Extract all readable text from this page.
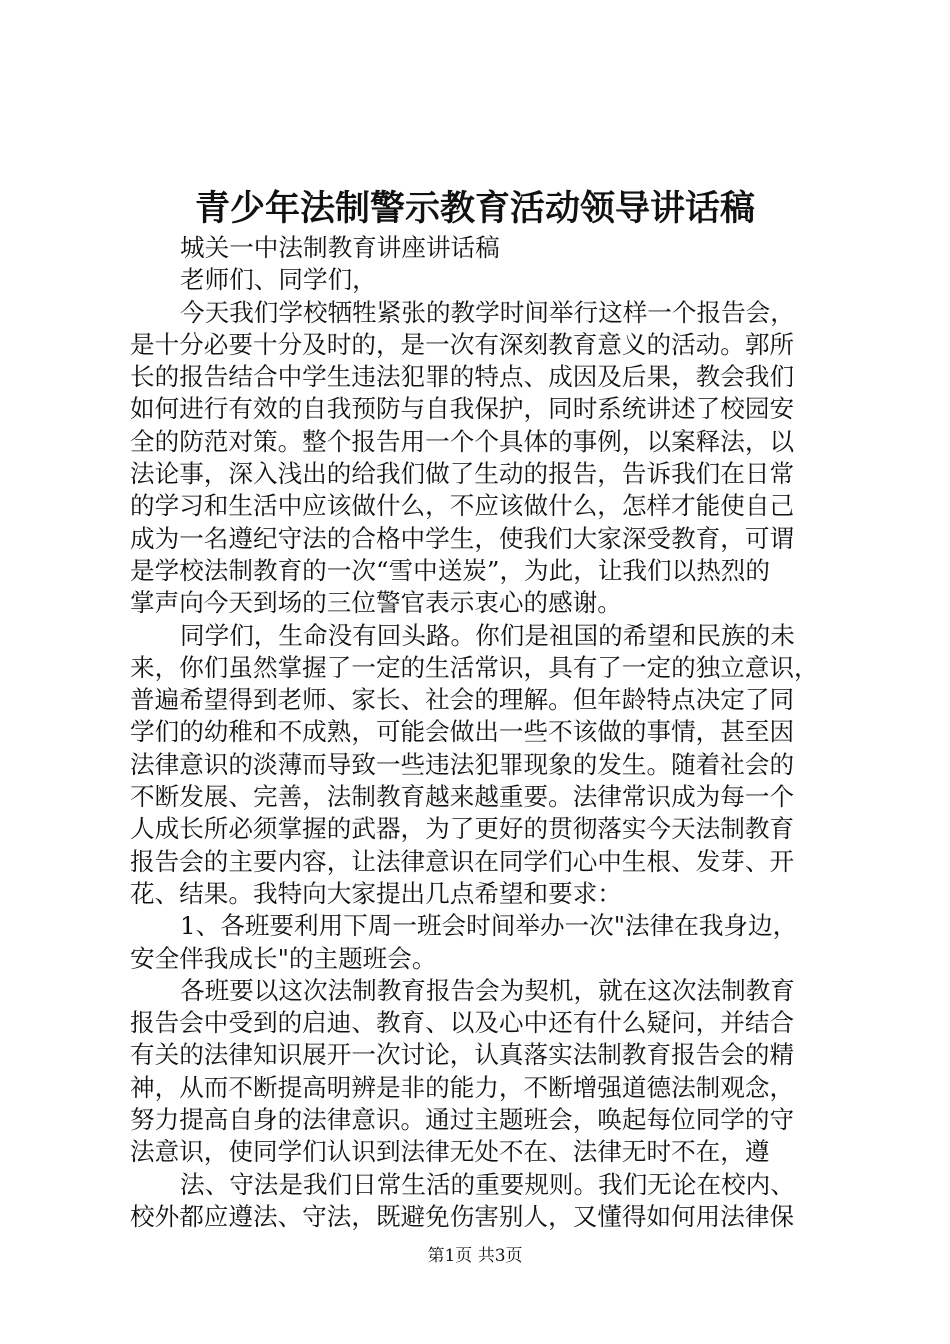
青少年法制警示教育活动领导讲话稿
城关一中法制教育讲座讲话稿
老师们、同学们，
今天我们学校牺牲紧张的教学时间举行这样一个报告会，
是十分必要十分及时的，是一次有深刻教育意义的活动。郭所
长的报告结合中学生违法犯罪的特点、成因及后果，教会我们
如何进行有效的自我预防与自我保护，同时系统讲述了校园安
全的防范对策。整个报告用一个个具体的事例，以案释法，以
法论事，深入浅出的给我们做了生动的报告，告诉我们在日常
的学习和生活中应该做什么，不应该做什么，怎样才能使自己
成为一名遵纪守法的合格中学生，使我们大家深受教育，可谓
是学校法制教育的一次“雪中送炭”，为此，让我们以热烈的
掌声向今天到场的三位警官表示衷心的感谢。
同学们，生命没有回头路。你们是祖国的希望和民族的未
来，你们虽然掌握了一定的生活常识，具有了一定的独立意识，
普遍希望得到老师、家长、社会的理解。但年龄特点决定了同
学们的幼稚和不成熟，可能会做出一些不该做的事情，甚至因
法律意识的淡薄而导致一些违法犯罪现象的发生。随着社会的
不断发展、完善，法制教育越来越重要。法律常识成为每一个
人成长所必须掌握的武器，为了更好的贯彻落实今天法制教育
报告会的主要内容，让法律意识在同学们心中生根、发芽、开
花、结果。我特向大家提出几点希望和要求：
1、各班要利用下周一班会时间举办一次"法律在我身边，
安全伴我成长"的主题班会。
各班要以这次法制教育报告会为契机，就在这次法制教育
报告会中受到的启迪、教育、以及心中还有什么疑问，并结合
有关的法律知识展开一次讨论，认真落实法制教育报告会的精
神，从而不断提高明辨是非的能力，不断增强道德法制观念，
努力提高自身的法律意识。通过主题班会，唤起每位同学的守
法意识，使同学们认识到法律无处不在、法律无时不在，遵
法、守法是我们日常生活的重要规则。我们无论在校内、
校外都应遵法、守法，既避免伤害别人，又懂得如何用法律保
第1页 共3页
